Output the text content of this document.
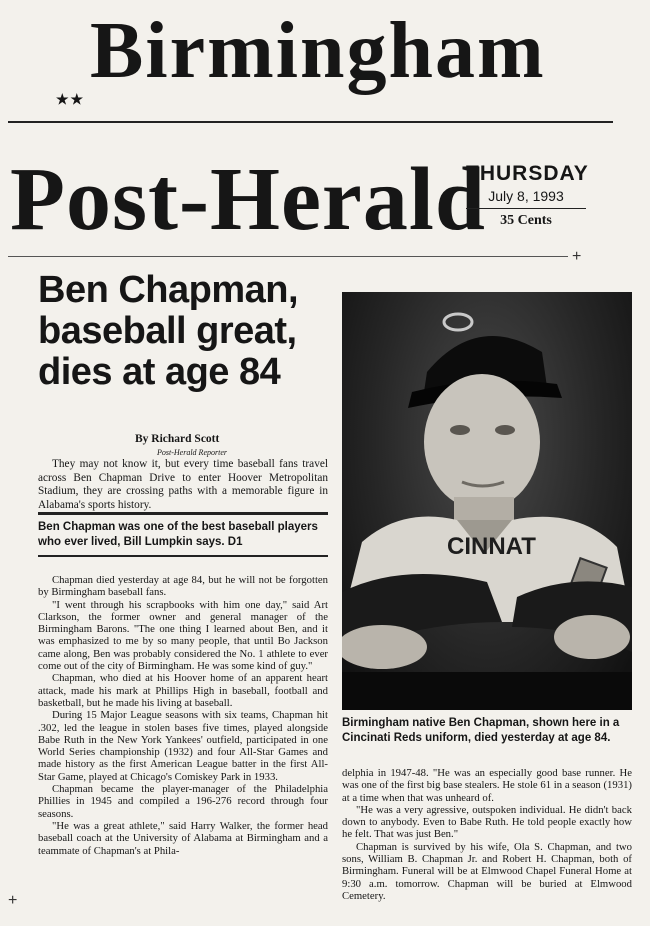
Birmingham
★★
Post-Herald
THURSDAY
July 8, 1993
35 Cents
+
Ben Chapman, baseball great, dies at age 84
By Richard Scott
Post-Herald Reporter
They may not know it, but every time baseball fans travel across Ben Chapman Drive to enter Hoover Metropolitan Stadium, they are crossing paths with a memorable figure in Alabama's sports history.
Ben Chapman was one of the best baseball players who ever lived, Bill Lumpkin says. D1

Chapman died yesterday at age 84, but he will not be forgotten by Birmingham baseball fans.

"I went through his scrapbooks with him one day," said Art Clarkson, the former owner and general manager of the Birmingham Barons. "The one thing I learned about Ben, and it was emphasized to me by so many people, that until Bo Jackson came along, Ben was probably considered the No. 1 athlete to ever come out of the city of Birmingham. He was some kind of guy."

Chapman, who died at his Hoover home of an apparent heart attack, made his mark at Phillips High in baseball, football and basketball, but he made his living at baseball.

During 15 Major League seasons with six teams, Chapman hit .302, led the league in stolen bases five times, played alongside Babe Ruth in the New York Yankees' outfield, participated in one World Series championship (1932) and four All-Star Games and made history as the first American League batter in the first All-Star Game, played at Chicago's Comiskey Park in 1933.

Chapman became the player-manager of the Philadelphia Phillies in 1945 and compiled a 196-276 record through four seasons.

"He was a great athlete," said Harry Walker, the former head baseball coach at the University of Alabama at Birmingham and a teammate of Chapman's at Phila-

CINNAT
Birmingham native Ben Chapman, shown here in a Cincinati Reds uniform, died yesterday at age 84.

delphia in 1947-48. "He was an especially good base runner. He was one of the first big base stealers. He stole 61 in a season (1931) at a time when that was unheard of.

"He was a very agressive, outspoken individual. He didn't back down to anybody. Even to Babe Ruth. He told people exactly how he felt. That was just Ben."

Chapman is survived by his wife, Ola S. Chapman, and two sons, William B. Chapman Jr. and Robert H. Chapman, both of Birmingham. Funeral will be at Elmwood Chapel Funeral Home at 9:30 a.m. tomorrow. Chapman will be buried at Elmwood Cemetery.

+
